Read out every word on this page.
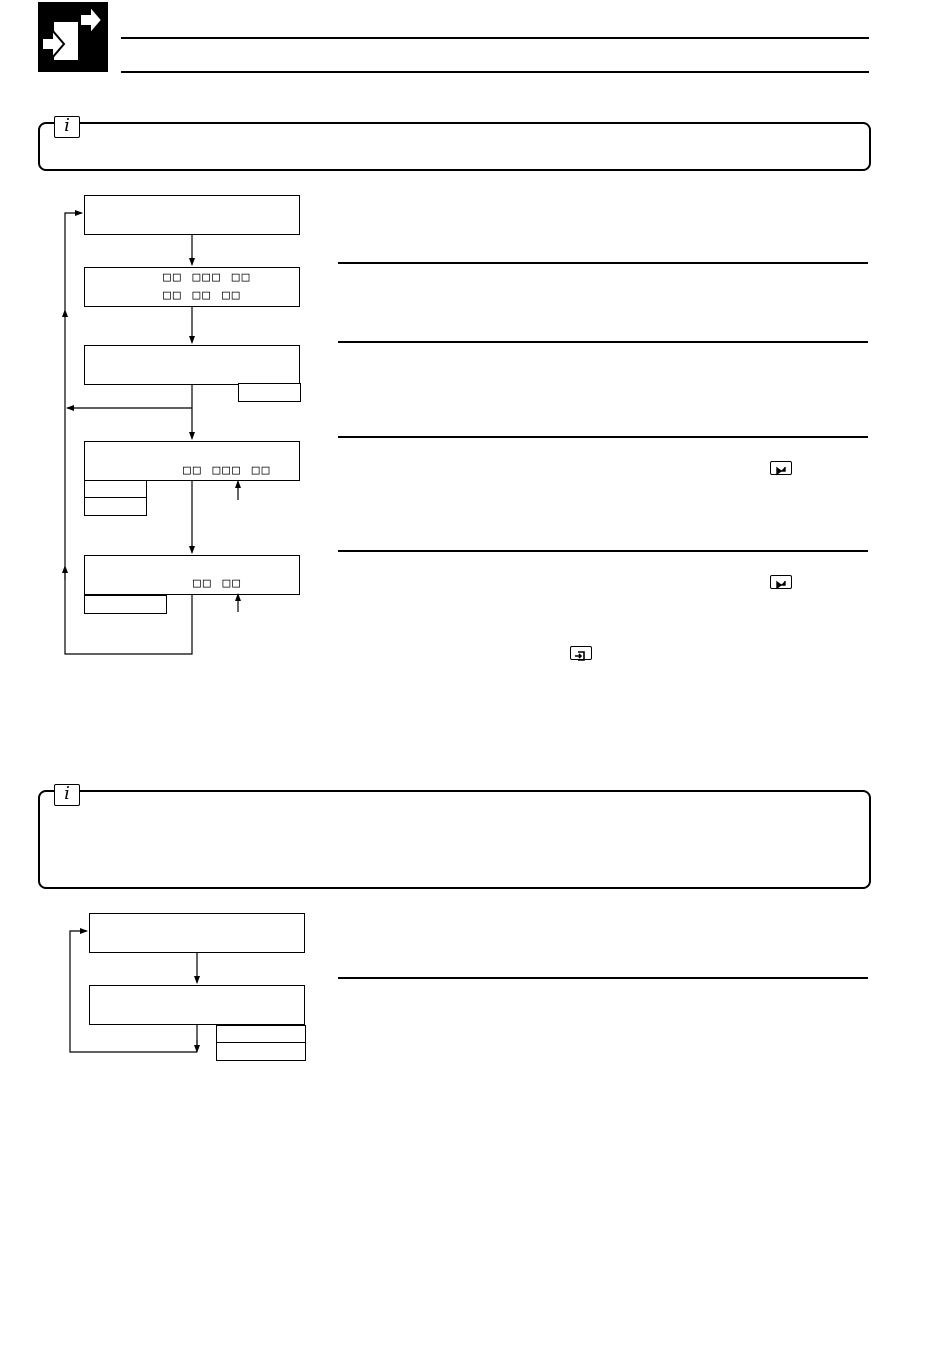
i
□□ □□□ □□
□□ □□ □□
□□ □□□ □□
□□ □□
i
